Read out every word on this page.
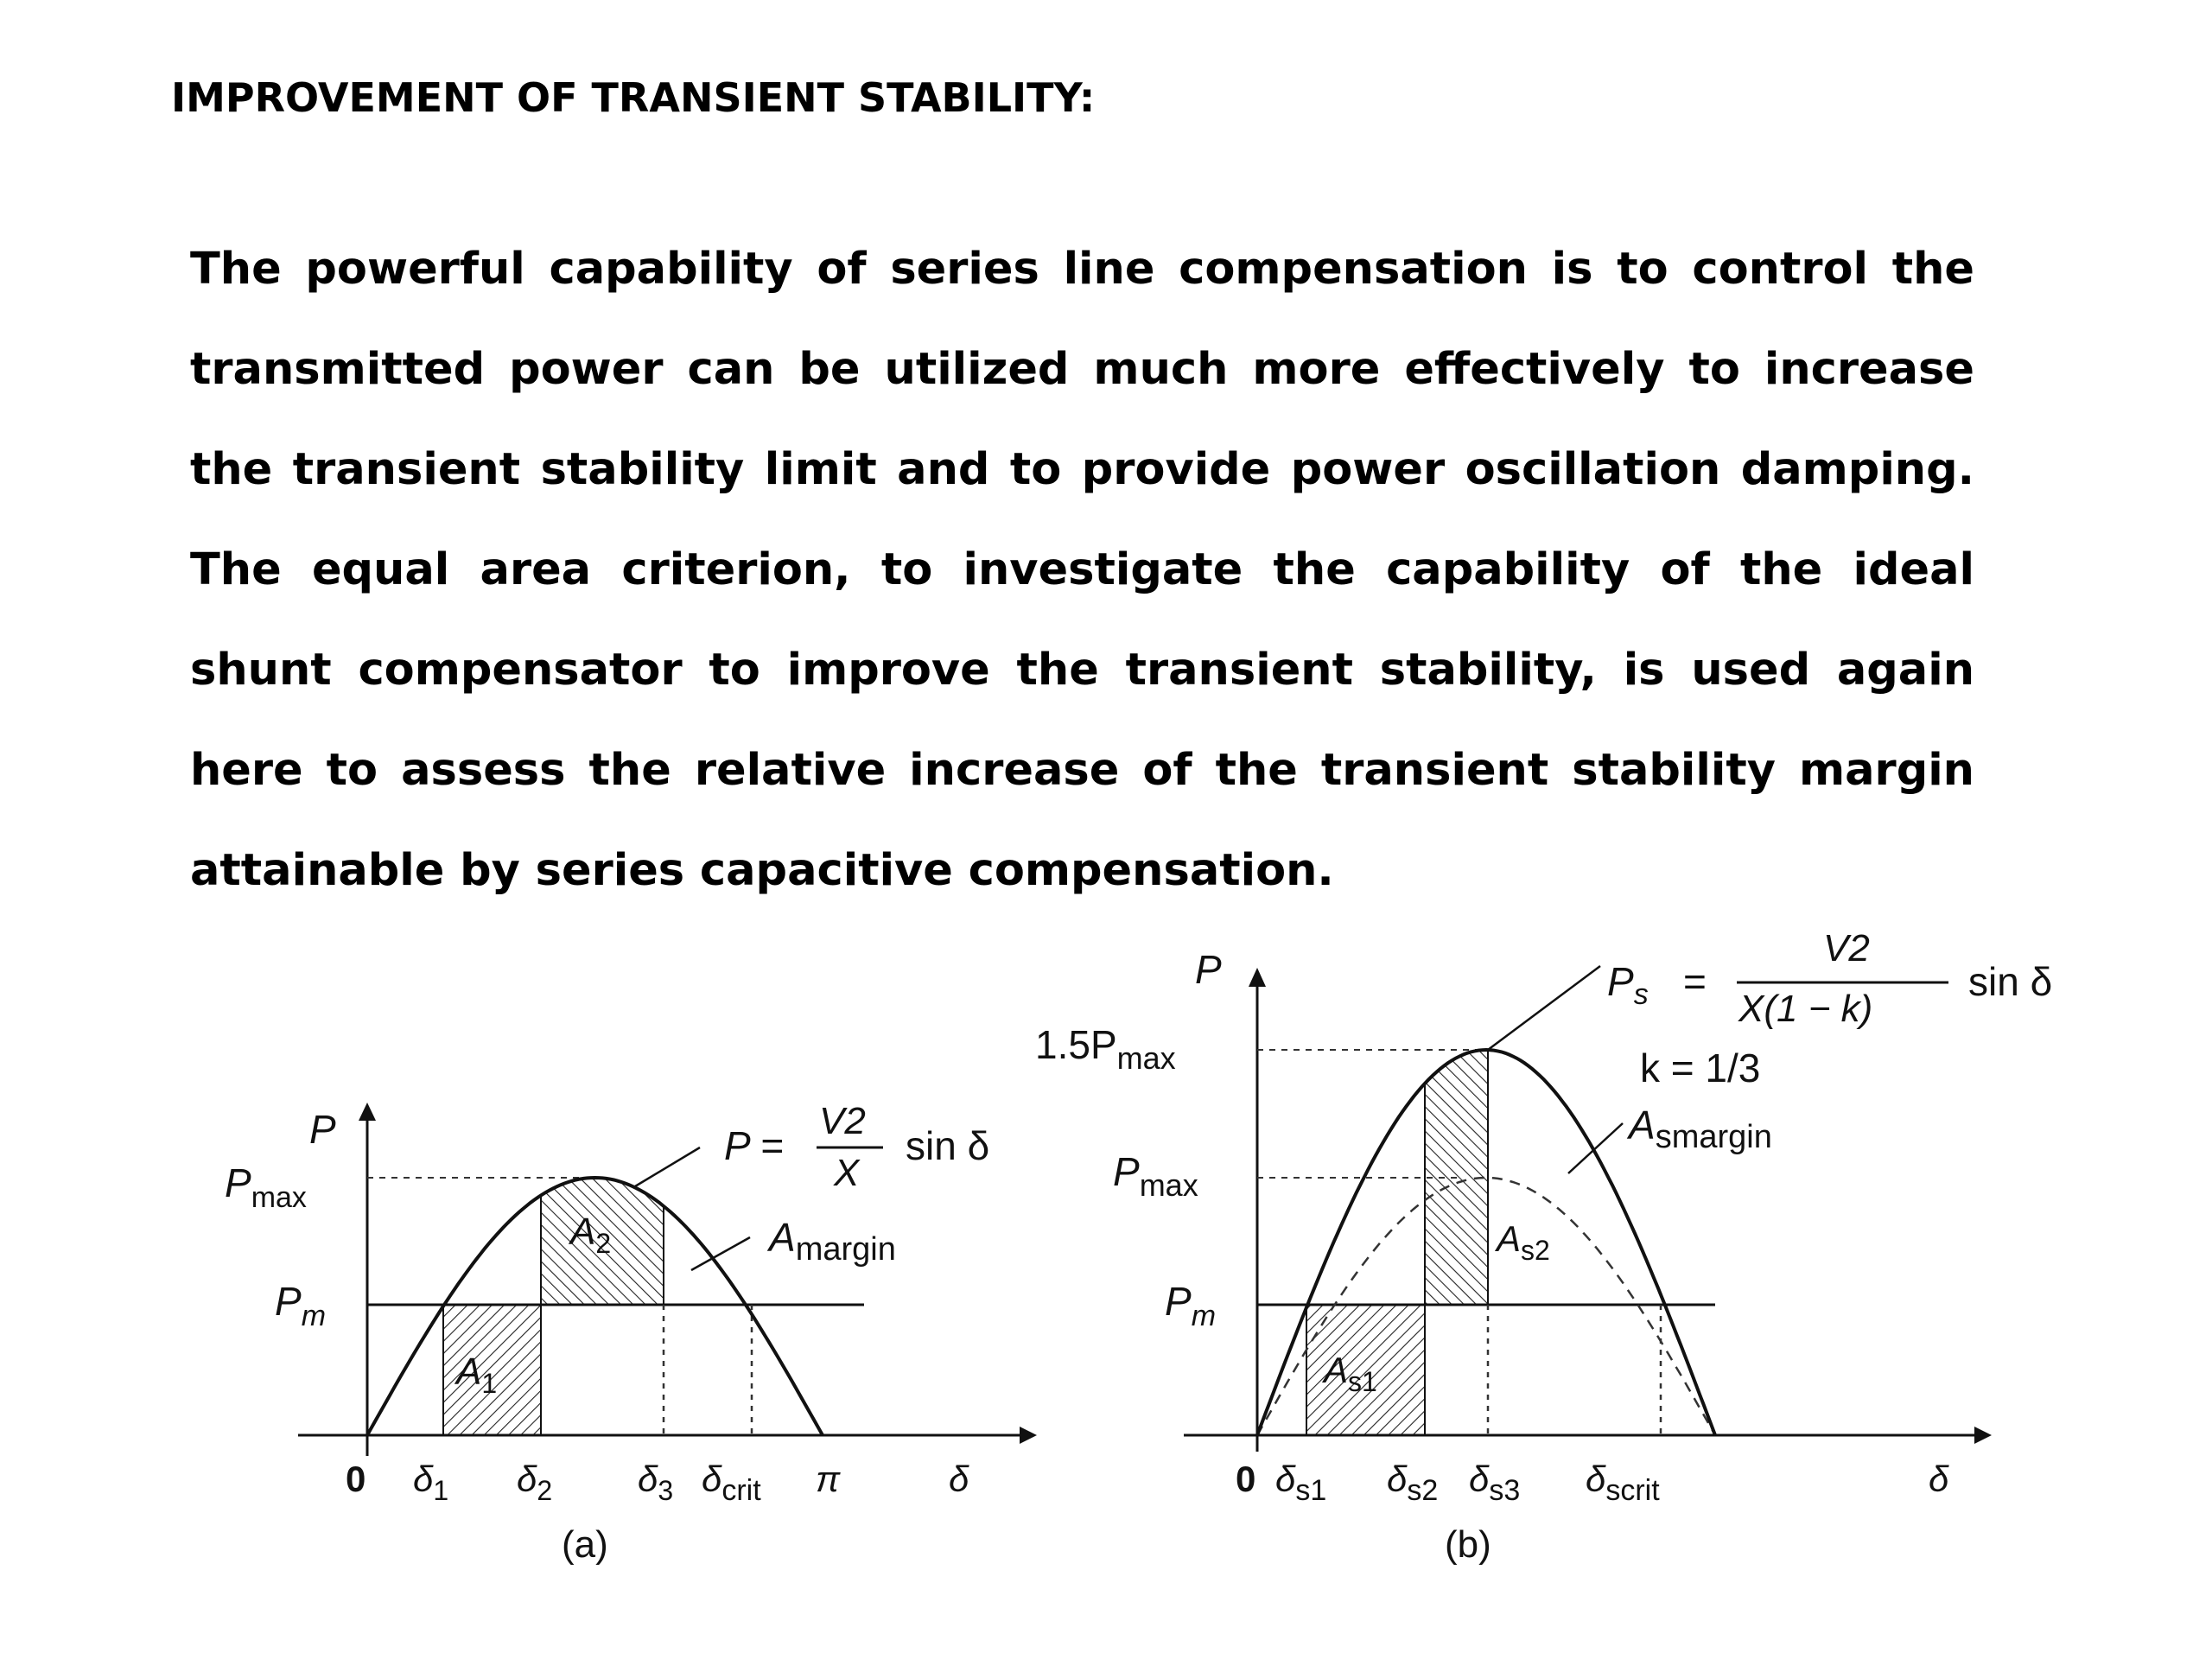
IMPROVEMENT OF TRANSIENT STABILITY:

The powerful capability of series line compensation is to control the transmitted power can be utilized much more effectively to increase the transient stability limit and to provide power oscillation damping. The equal area criterion, to investigate the capability of the ideal shunt compensator to improve the transient stability, is used again here to assess the relative increase of the transient stability margin attainable by series capacitive compensation.

P
$P_{max}$
$P_m$
P =
V2
X
sin δ
$A_1$
$A_2$	$A_{margin}$
0 $\delta_1$ $\delta_2$ $\delta_3$ $\delta_{crit}$ π	δ
(a)
P
$1.5P_{max}$
$P_{max}$
$P_m$
$P_s$ =
V2
X(1 − k)
sin δ
k = 1/3
$A_{s1}$
$A_{s2}$
$A_{smargin}$
0 $\delta_{s1}$ $\delta_{s2}$ $\delta_{s3}$ $\delta_{scrit}$	δ
(b)
